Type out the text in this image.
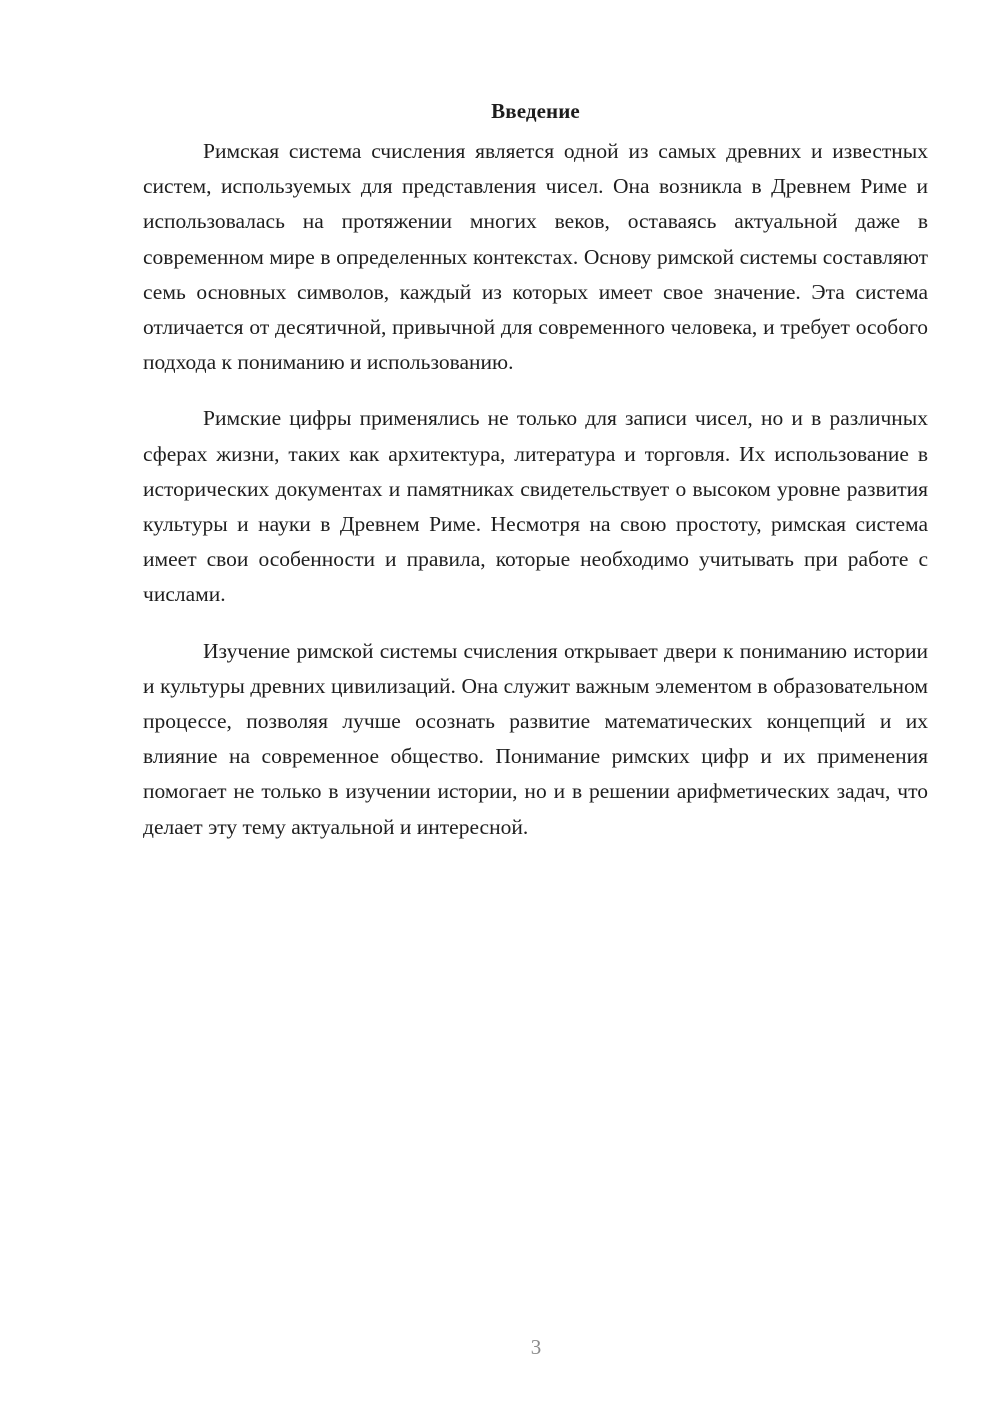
Введение

Римская система счисления является одной из самых древних и известных систем, используемых для представления чисел. Она возникла в Древнем Риме и использовалась на протяжении многих веков, оставаясь актуальной даже в современном мире в определенных контекстах. Основу римской системы составляют семь основных символов, каждый из которых имеет свое значение. Эта система отличается от десятичной, привычной для современного человека, и требует особого подхода к пониманию и использованию.

Римские цифры применялись не только для записи чисел, но и в различных сферах жизни, таких как архитектура, литература и торговля. Их использование в исторических документах и памятниках свидетельствует о высоком уровне развития культуры и науки в Древнем Риме. Несмотря на свою простоту, римская система имеет свои особенности и правила, которые необходимо учитывать при работе с числами.

Изучение римской системы счисления открывает двери к пониманию истории и культуры древних цивилизаций. Она служит важным элементом в образовательном процессе, позволяя лучше осознать развитие математических концепций и их влияние на современное общество. Понимание римских цифр и их применения помогает не только в изучении истории, но и в решении арифметических задач, что делает эту тему актуальной и интересной.

3
